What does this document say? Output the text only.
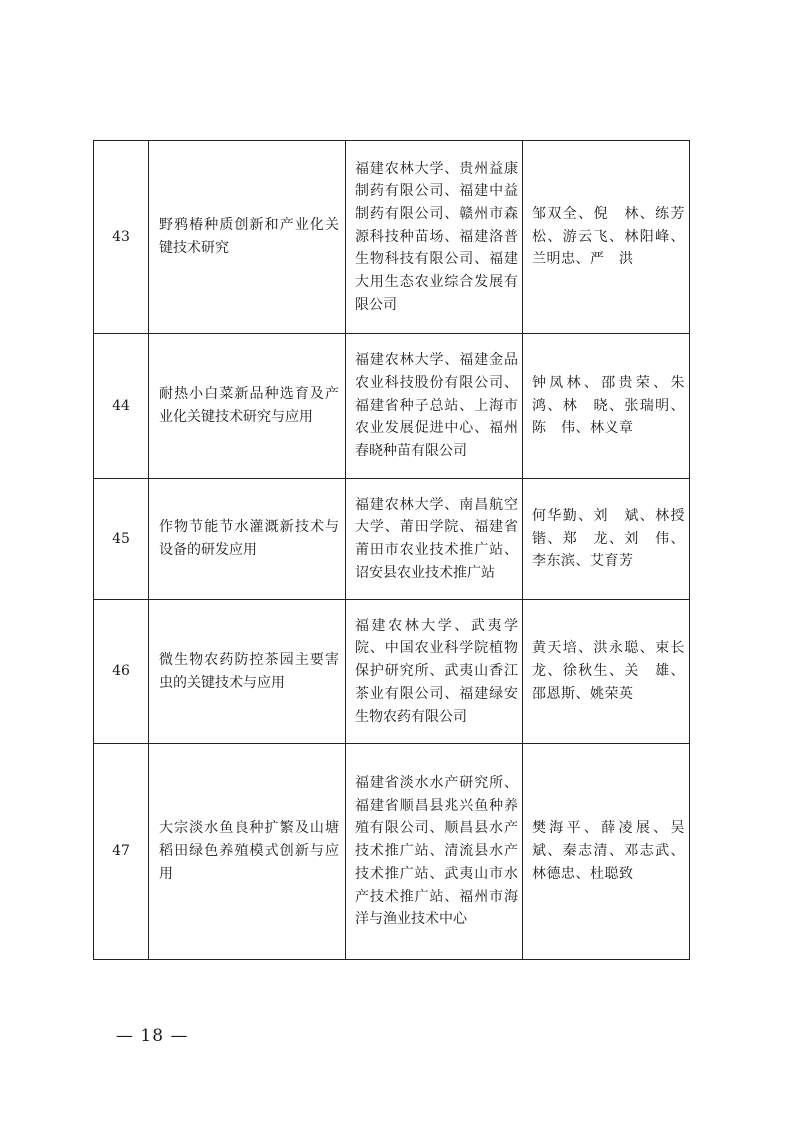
43	野鸦椿种质创新和产业化关键技术研究	福建农林大学、贵州益康制药有限公司、福建中益制药有限公司、赣州市森源科技种苗场、福建洛普生物科技有限公司、福建大用生态农业综合发展有限公司	邹双全、倪　林、练芳松、游云飞、林阳峰、兰明忠、严　洪
44	耐热小白菜新品种选育及产业化关键技术研究与应用	福建农林大学、福建金品农业科技股份有限公司、福建省种子总站、上海市农业发展促进中心、福州春晓种苗有限公司	钟凤林、邵贵荣、朱　鸿、林　晓、张瑞明、陈　伟、林义章
45	作物节能节水灌溉新技术与设备的研发应用	福建农林大学、南昌航空大学、莆田学院、福建省莆田市农业技术推广站、诏安县农业技术推广站	何华勤、刘　斌、林授锴、郑　龙、刘　伟、李东滨、艾育芳
46	微生物农药防控茶园主要害虫的关键技术与应用	福建农林大学、武夷学院、中国农业科学院植物保护研究所、武夷山香江茶业有限公司、福建绿安生物农药有限公司	黄天培、洪永聪、束长龙、徐秋生、关　雄、邵恩斯、姚荣英
47	大宗淡水鱼良种扩繁及山塘稻田绿色养殖模式创新与应用	福建省淡水水产研究所、福建省顺昌县兆兴鱼种养殖有限公司、顺昌县水产技术推广站、清流县水产技术推广站、武夷山市水产技术推广站、福州市海洋与渔业技术中心	樊海平、薛凌展、吴　斌、秦志清、邓志武、林德忠、杜聪致
— 18 —
